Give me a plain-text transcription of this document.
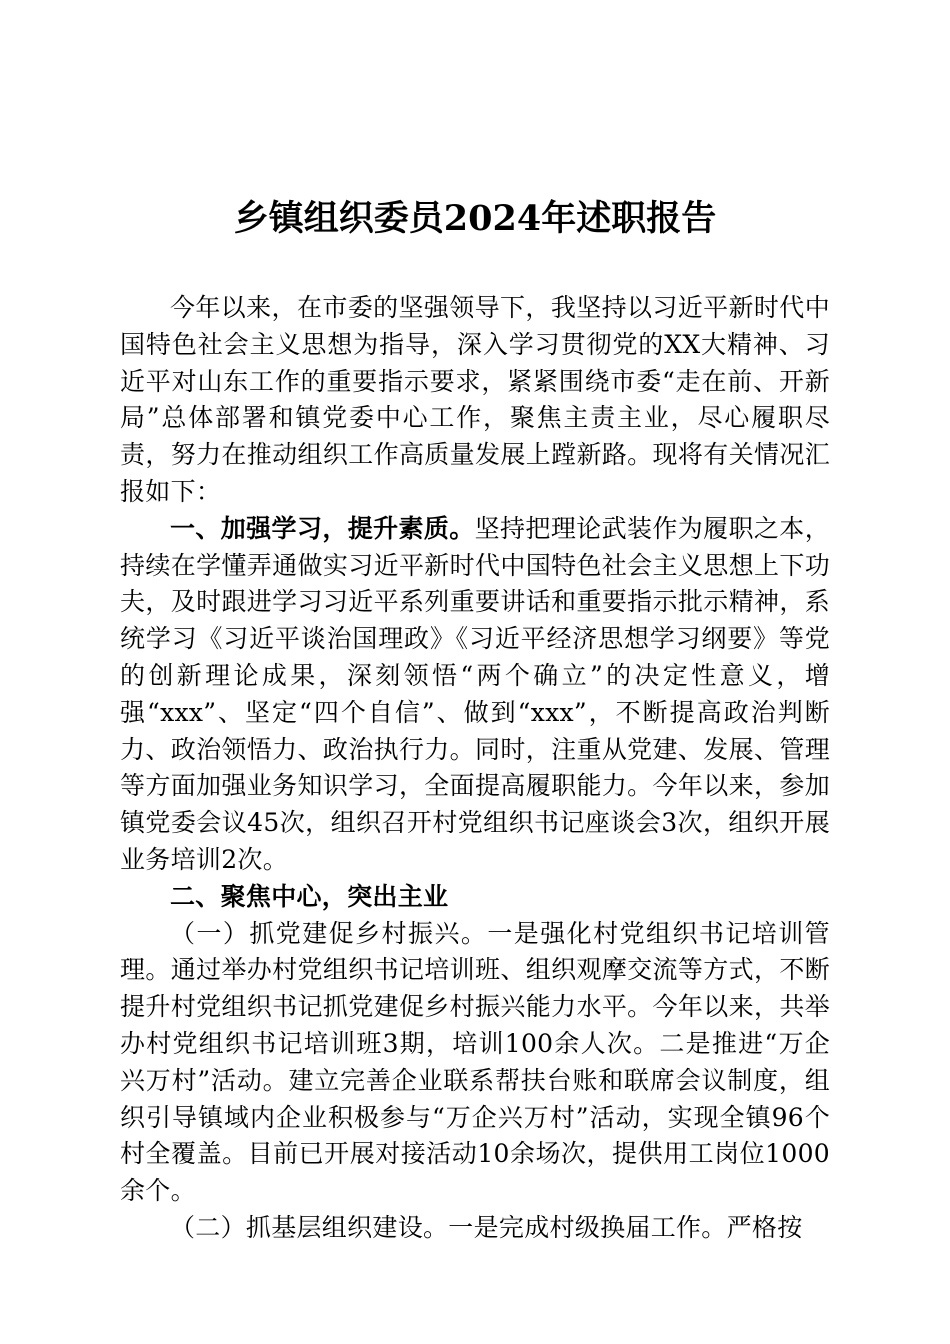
乡镇组织委员2024年述职报告

今年以来，在市委的坚强领导下，我坚持以习近平新时代中国特色社会主义思想为指导，深入学习贯彻党的XX大精神、习近平对山东工作的重要指示要求，紧紧围绕市委“走在前、开新局”总体部署和镇党委中心工作，聚焦主责主业，尽心履职尽责，努力在推动组织工作高质量发展上蹚新路。现将有关情况汇报如下：

一、加强学习，提升素质。坚持把理论武装作为履职之本，持续在学懂弄通做实习近平新时代中国特色社会主义思想上下功夫，及时跟进学习习近平系列重要讲话和重要指示批示精神，系统学习《习近平谈治国理政》《习近平经济思想学习纲要》等党的创新理论成果，深刻领悟“两个确立”的决定性意义，增强“xxx”、坚定“四个自信”、做到“xxx”，不断提高政治判断力、政治领悟力、政治执行力。同时，注重从党建、发展、管理等方面加强业务知识学习，全面提高履职能力。今年以来，参加镇党委会议45次，组织召开村党组织书记座谈会3次，组织开展业务培训2次。

二、聚焦中心，突出主业

（一）抓党建促乡村振兴。一是强化村党组织书记培训管理。通过举办村党组织书记培训班、组织观摩交流等方式，不断提升村党组织书记抓党建促乡村振兴能力水平。今年以来，共举办村党组织书记培训班3期，培训100余人次。二是推进“万企兴万村”活动。建立完善企业联系帮扶台账和联席会议制度，组织引导镇域内企业积极参与“万企兴万村”活动，实现全镇96个村全覆盖。目前已开展对接活动10余场次，提供用工岗位1000余个。

（二）抓基层组织建设。一是完成村级换届工作。严格按
